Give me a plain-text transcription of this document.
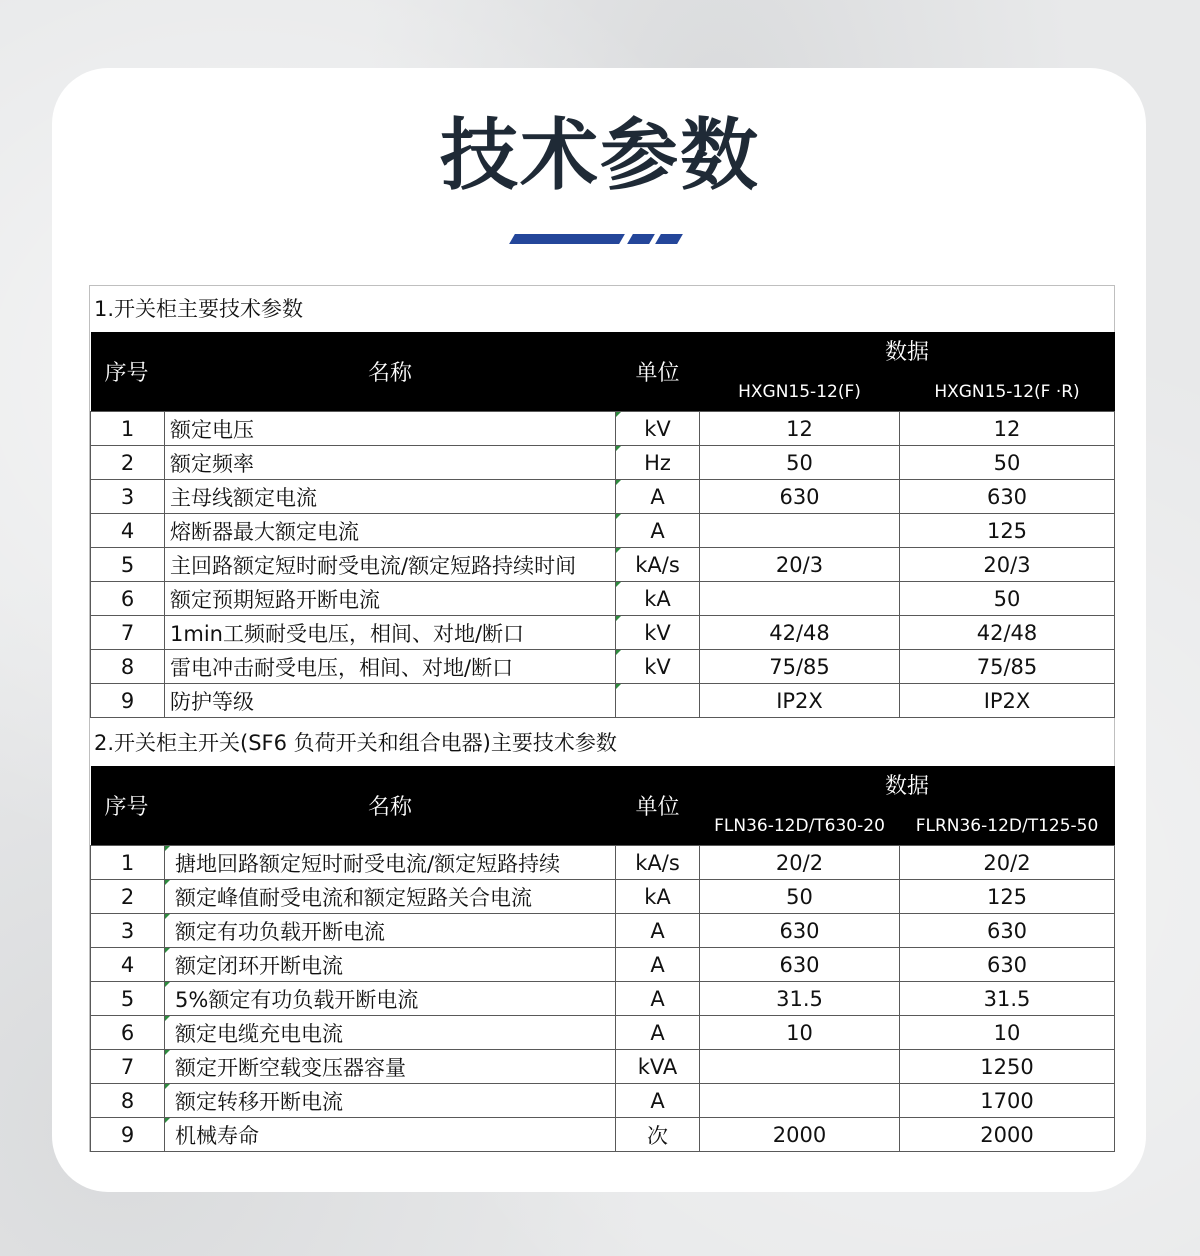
技术参数
1.开关柜主要技术参数
序号	名称	单位	数据	
			HXGN15-12(F)	HXGN15-12(F ·R)
1	额定电压	kV	12	12
2	额定频率	Hz	50	50
3	主母线额定电流	A	630	630
4	熔断器最大额定电流	A		125
5	主回路额定短时耐受电流/额定短路持续时间	kA/s	20/3	20/3
6	额定预期短路开断电流	kA		50
7	1min工频耐受电压，相间、对地/断口	kV	42/48	42/48
8	雷电冲击耐受电压，相间、对地/断口	kV	75/85	75/85
9	防护等级		IP2X	IP2X
2.开关柜主开关(SF6 负荷开关和组合电器)主要技术参数
序号	名称	单位	数据	
			FLN36-12D/T630-20	FLRN36-12D/T125-50
1	搪地回路额定短时耐受电流/额定短路持续	kA/s	20/2	20/2
2	额定峰值耐受电流和额定短路关合电流	kA	50	125
3	额定有功负载开断电流	A	630	630
4	额定闭环开断电流	A	630	630
5	5%额定有功负载开断电流	A	31.5	31.5
6	额定电缆充电电流	A	10	10
7	额定开断空载变压器容量	kVA		1250
8	额定转移开断电流	A		1700
9	机械寿命	次	2000	2000
